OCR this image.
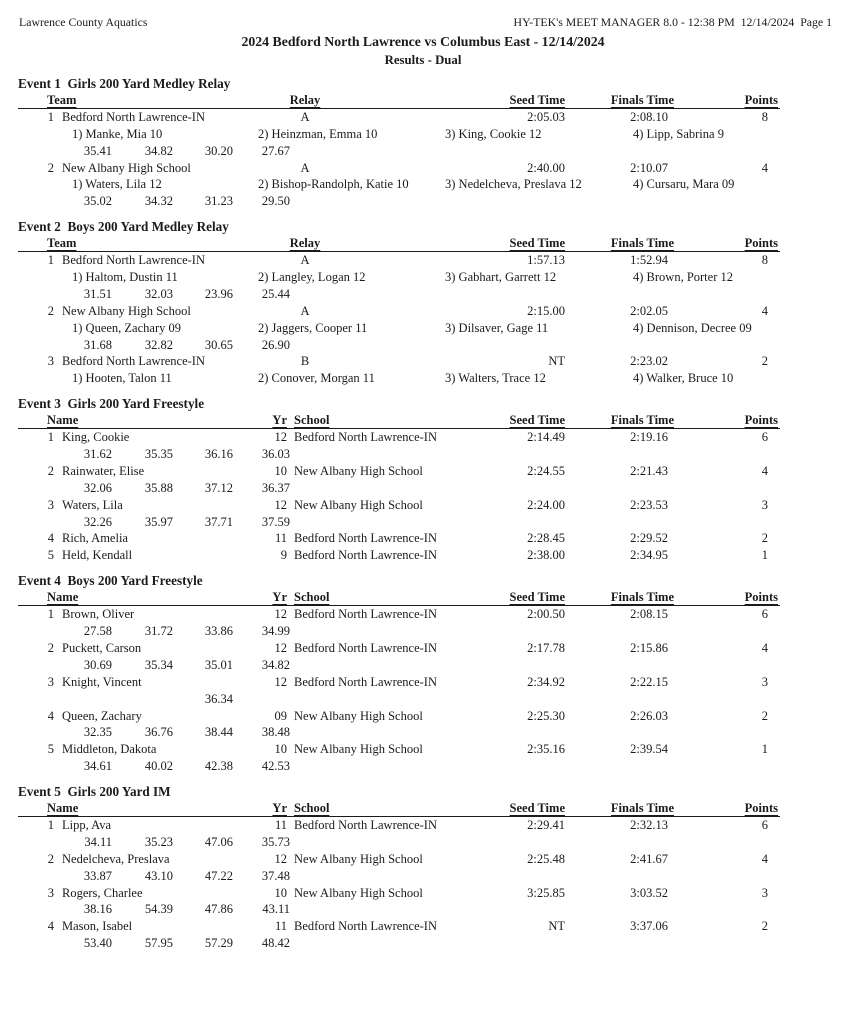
Lawrence County Aquatics	HY-TEK's MEET MANAGER 8.0 - 12:38 PM  12/14/2024  Page 1
2024 Bedford North Lawrence vs Columbus East - 12/14/2024
Results - Dual
Event 1  Girls 200 Yard Medley Relay
Team	Relay	Seed Time	Finals Time	Points
1 Bedford North Lawrence-IN	A	2:05.03	2:08.10	8
1) Manke, Mia 10	2) Heinzman, Emma 10	3) King, Cookie 12	4) Lipp, Sabrina 9
35.41	34.82	30.20	27.67
2 New Albany High School	A	2:40.00	2:10.07	4
1) Waters, Lila 12	2) Bishop-Randolph, Katie 10	3) Nedelcheva, Preslava 12	4) Cursaru, Mara 09
35.02	34.32	31.23	29.50
Event 2  Boys 200 Yard Medley Relay
Team	Relay	Seed Time	Finals Time	Points
1 Bedford North Lawrence-IN	A	1:57.13	1:52.94	8
1) Haltom, Dustin 11	2) Langley, Logan 12	3) Gabhart, Garrett 12	4) Brown, Porter 12
31.51	32.03	23.96	25.44
2 New Albany High School	A	2:15.00	2:02.05	4
1) Queen, Zachary 09	2) Jaggers, Cooper 11	3) Dilsaver, Gage 11	4) Dennison, Decree 09
31.68	32.82	30.65	26.90
3 Bedford North Lawrence-IN	B	NT	2:23.02	2
1) Hooten, Talon 11	2) Conover, Morgan 11	3) Walters, Trace 12	4) Walker, Bruce 10
Event 3  Girls 200 Yard Freestyle
Name	Yr School	Seed Time	Finals Time	Points
1 King, Cookie	12 Bedford North Lawrence-IN	2:14.49	2:19.16	6
31.62	35.35	36.16	36.03
2 Rainwater, Elise	10 New Albany High School	2:24.55	2:21.43	4
32.06	35.88	37.12	36.37
3 Waters, Lila	12 New Albany High School	2:24.00	2:23.53	3
32.26	35.97	37.71	37.59
4 Rich, Amelia	11 Bedford North Lawrence-IN	2:28.45	2:29.52	2
5 Held, Kendall	9 Bedford North Lawrence-IN	2:38.00	2:34.95	1
Event 4  Boys 200 Yard Freestyle
Name	Yr School	Seed Time	Finals Time	Points
1 Brown, Oliver	12 Bedford North Lawrence-IN	2:00.50	2:08.15	6
27.58	31.72	33.86	34.99
2 Puckett, Carson	12 Bedford North Lawrence-IN	2:17.78	2:15.86	4
30.69	35.34	35.01	34.82
3 Knight, Vincent	12 Bedford North Lawrence-IN	2:34.92	2:22.15	3
36.34
4 Queen, Zachary	09 New Albany High School	2:25.30	2:26.03	2
32.35	36.76	38.44	38.48
5 Middleton, Dakota	10 New Albany High School	2:35.16	2:39.54	1
34.61	40.02	42.38	42.53
Event 5  Girls 200 Yard IM
Name	Yr School	Seed Time	Finals Time	Points
1 Lipp, Ava	11 Bedford North Lawrence-IN	2:29.41	2:32.13	6
34.11	35.23	47.06	35.73
2 Nedelcheva, Preslava	12 New Albany High School	2:25.48	2:41.67	4
33.87	43.10	47.22	37.48
3 Rogers, Charlee	10 New Albany High School	3:25.85	3:03.52	3
38.16	54.39	47.86	43.11
4 Mason, Isabel	11 Bedford North Lawrence-IN	NT	3:37.06	2
53.40	57.95	57.29	48.42
